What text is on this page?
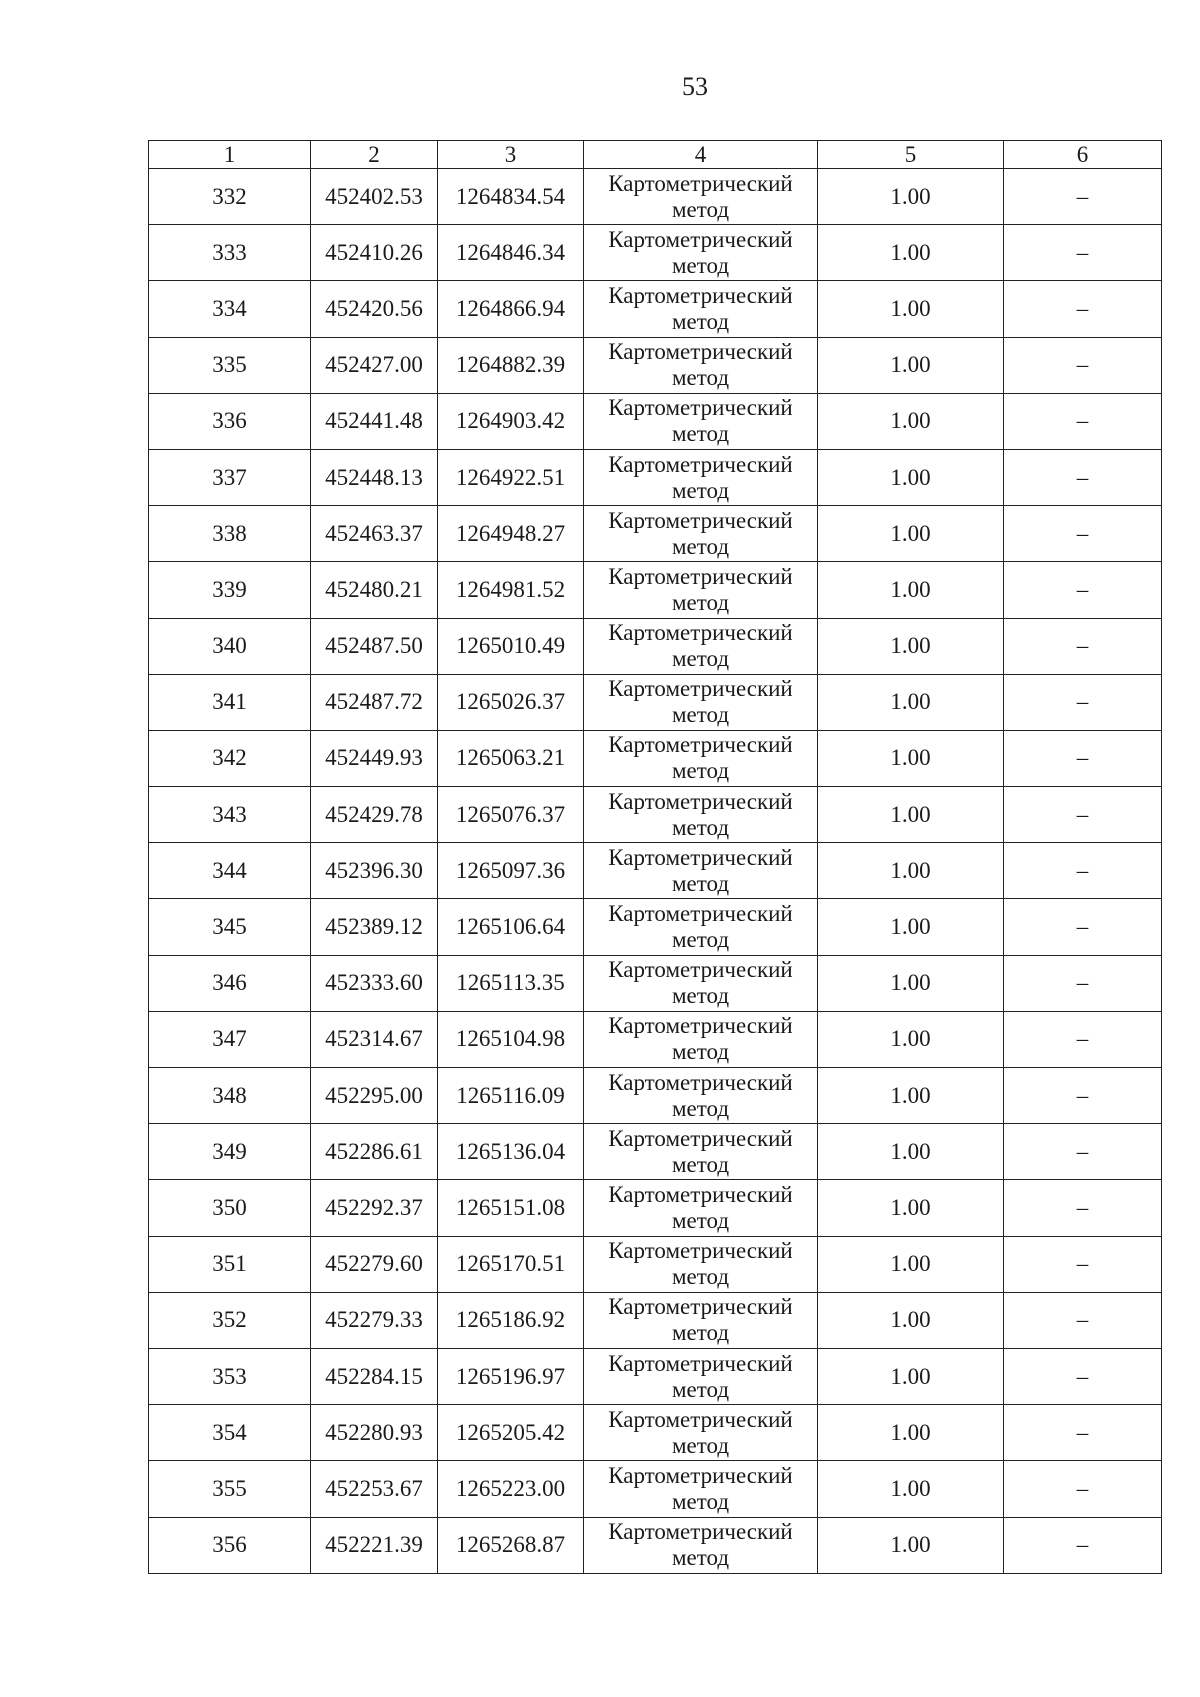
53
1	2	3	4	5	6
332	452402.53	1264834.54	Картометрический
метод	1.00	–
333	452410.26	1264846.34	Картометрический
метод	1.00	–
334	452420.56	1264866.94	Картометрический
метод	1.00	–
335	452427.00	1264882.39	Картометрический
метод	1.00	–
336	452441.48	1264903.42	Картометрический
метод	1.00	–
337	452448.13	1264922.51	Картометрический
метод	1.00	–
338	452463.37	1264948.27	Картометрический
метод	1.00	–
339	452480.21	1264981.52	Картометрический
метод	1.00	–
340	452487.50	1265010.49	Картометрический
метод	1.00	–
341	452487.72	1265026.37	Картометрический
метод	1.00	–
342	452449.93	1265063.21	Картометрический
метод	1.00	–
343	452429.78	1265076.37	Картометрический
метод	1.00	–
344	452396.30	1265097.36	Картометрический
метод	1.00	–
345	452389.12	1265106.64	Картометрический
метод	1.00	–
346	452333.60	1265113.35	Картометрический
метод	1.00	–
347	452314.67	1265104.98	Картометрический
метод	1.00	–
348	452295.00	1265116.09	Картометрический
метод	1.00	–
349	452286.61	1265136.04	Картометрический
метод	1.00	–
350	452292.37	1265151.08	Картометрический
метод	1.00	–
351	452279.60	1265170.51	Картометрический
метод	1.00	–
352	452279.33	1265186.92	Картометрический
метод	1.00	–
353	452284.15	1265196.97	Картометрический
метод	1.00	–
354	452280.93	1265205.42	Картометрический
метод	1.00	–
355	452253.67	1265223.00	Картометрический
метод	1.00	–
356	452221.39	1265268.87	Картометрический
метод	1.00	–
